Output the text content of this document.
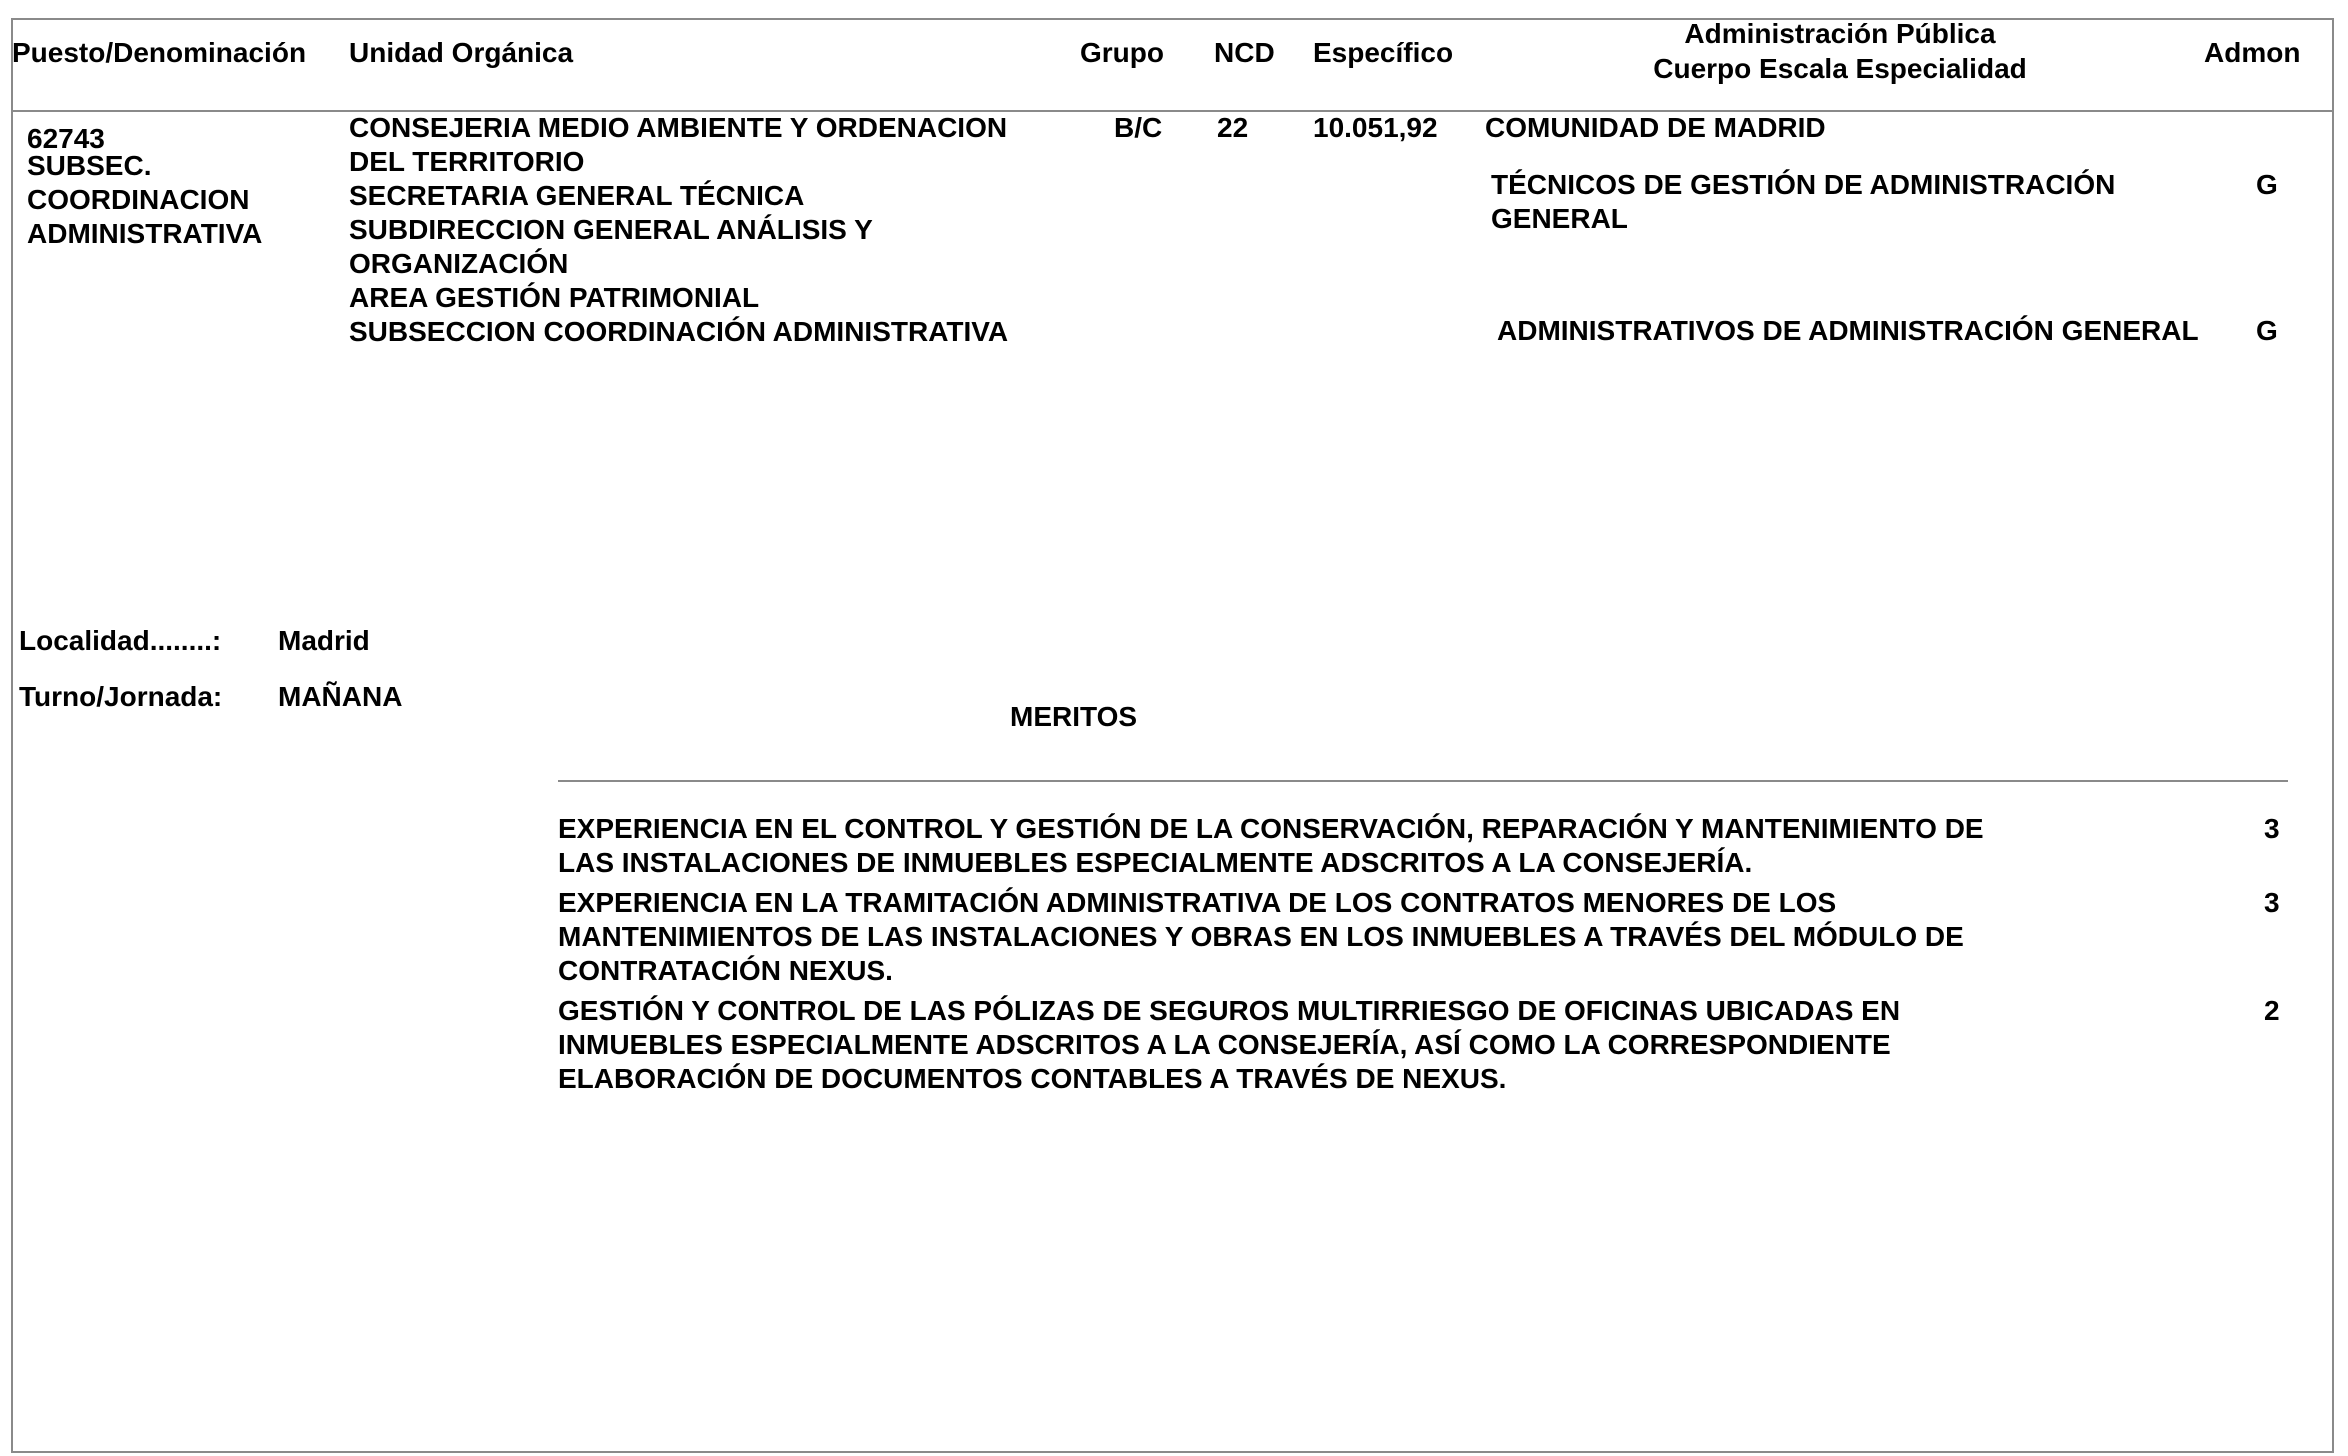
Puesto/Denominación Unidad Orgánica	Grupo NCD Específico
Administración Pública
Cuerpo Escala Especialidad
Admon
62743
SUBSEC.
COORDINACION
ADMINISTRATIVA
CONSEJERIA MEDIO AMBIENTE Y ORDENACION
DEL TERRITORIO
SECRETARIA GENERAL TÉCNICA
SUBDIRECCION GENERAL ANÁLISIS Y
ORGANIZACIÓN
AREA GESTIÓN PATRIMONIAL
SUBSECCION COORDINACIÓN ADMINISTRATIVA
B/C 22 10.051,92 COMUNIDAD DE MADRID
TÉCNICOS DE GESTIÓN DE ADMINISTRACIÓN
GENERAL
G
ADMINISTRATIVOS DE ADMINISTRACIÓN GENERAL G
Localidad........: Madrid
Turno/Jornada: MAÑANA
MERITOS
EXPERIENCIA EN EL CONTROL Y GESTIÓN DE LA CONSERVACIÓN, REPARACIÓN Y MANTENIMIENTO DE
LAS INSTALACIONES DE INMUEBLES ESPECIALMENTE ADSCRITOS A LA CONSEJERÍA.
3
EXPERIENCIA EN LA TRAMITACIÓN ADMINISTRATIVA DE LOS CONTRATOS MENORES DE LOS
MANTENIMIENTOS DE LAS INSTALACIONES Y OBRAS EN LOS INMUEBLES A TRAVÉS DEL MÓDULO DE
CONTRATACIÓN NEXUS.
3
GESTIÓN Y CONTROL DE LAS PÓLIZAS DE SEGUROS MULTIRRIESGO DE OFICINAS UBICADAS EN
INMUEBLES ESPECIALMENTE ADSCRITOS A LA CONSEJERÍA, ASÍ COMO LA CORRESPONDIENTE
ELABORACIÓN DE DOCUMENTOS CONTABLES A TRAVÉS DE NEXUS.
2
